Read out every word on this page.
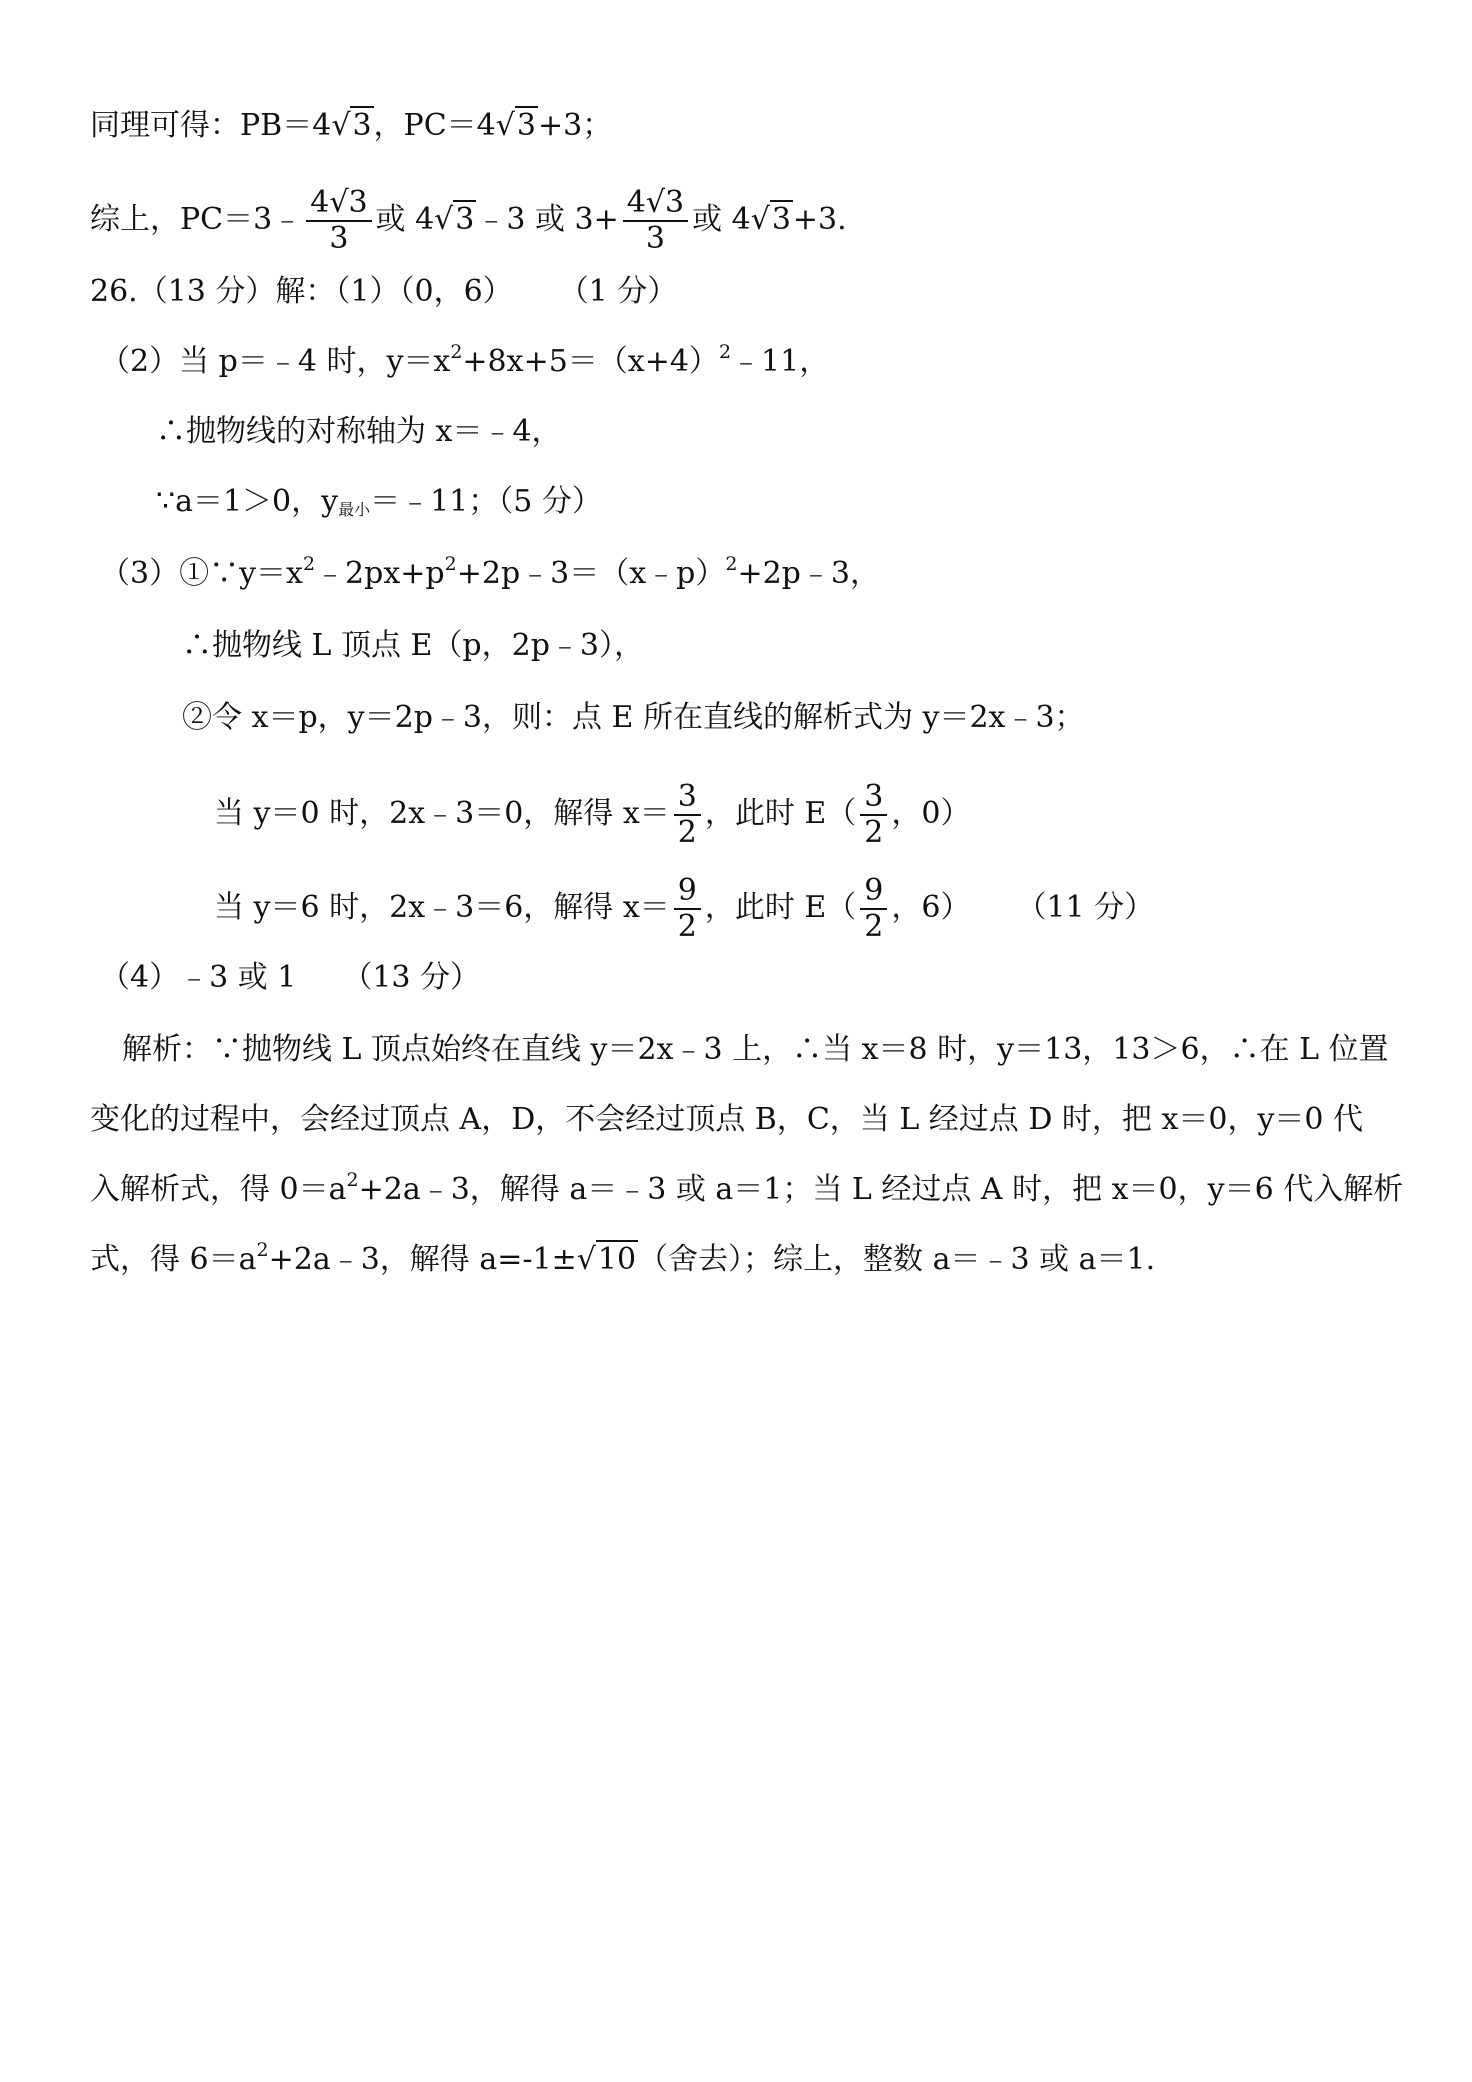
同理可得：PB＝4√3，PC＝4√3+3；
综上，PC＝3﹣ $\frac{4√3}{3}$ 或 4√3﹣3 或 $3+ \frac{4√3}{3}$ 或 4√3+3.
26.（13 分）解：（1）（0，6） （1 分）
（2）当 p＝﹣4 时，$y=x^2+8x+5=(x+4)^2﹣11$，
∴抛物线的对称轴为 x＝﹣4，
∵a＝1＞0，$y_{最小}=﹣11$；（5 分）
$(3)①\because y=x^2﹣2px+p^2+2p﹣3=(x﹣p)^2+2p﹣3$，
∴抛物线 L 顶点 E（p，2p﹣3），
②令 x＝p，y＝2p﹣3，则：点 E 所在直线的解析式为 y＝2x﹣3；
当 y＝0 时，2x﹣3＝0，解得 $x= \frac{3}{2}$ ，此时 $E( \frac{3}{2}$ ，0）
当 y＝6 时，2x﹣3＝6，解得 $x= \frac{9}{2}$ ，此时 $E( \frac{9}{2}$ ，6） （11 分）
（4）﹣3 或 1 （13 分）
解析：∵抛物线 L 顶点始终在直线 y＝2x﹣3 上，∴当 x＝8 时，y＝13，13＞6，∴在 L 位置
变化的过程中，会经过顶点 A，D，不会经过顶点 B，C，当 L 经过点 D 时，把 x＝0，y＝0 代
入解析式，得 $0=a^2+2a﹣3$，解得 a＝﹣3 或 a＝1；当 L 经过点 A 时，把 x＝0，y＝6 代入解析
式，得 $6=a^2+2a﹣3$，解得 a=-1±√10（舍去）；综上，整数 a＝﹣3 或 a＝1.
